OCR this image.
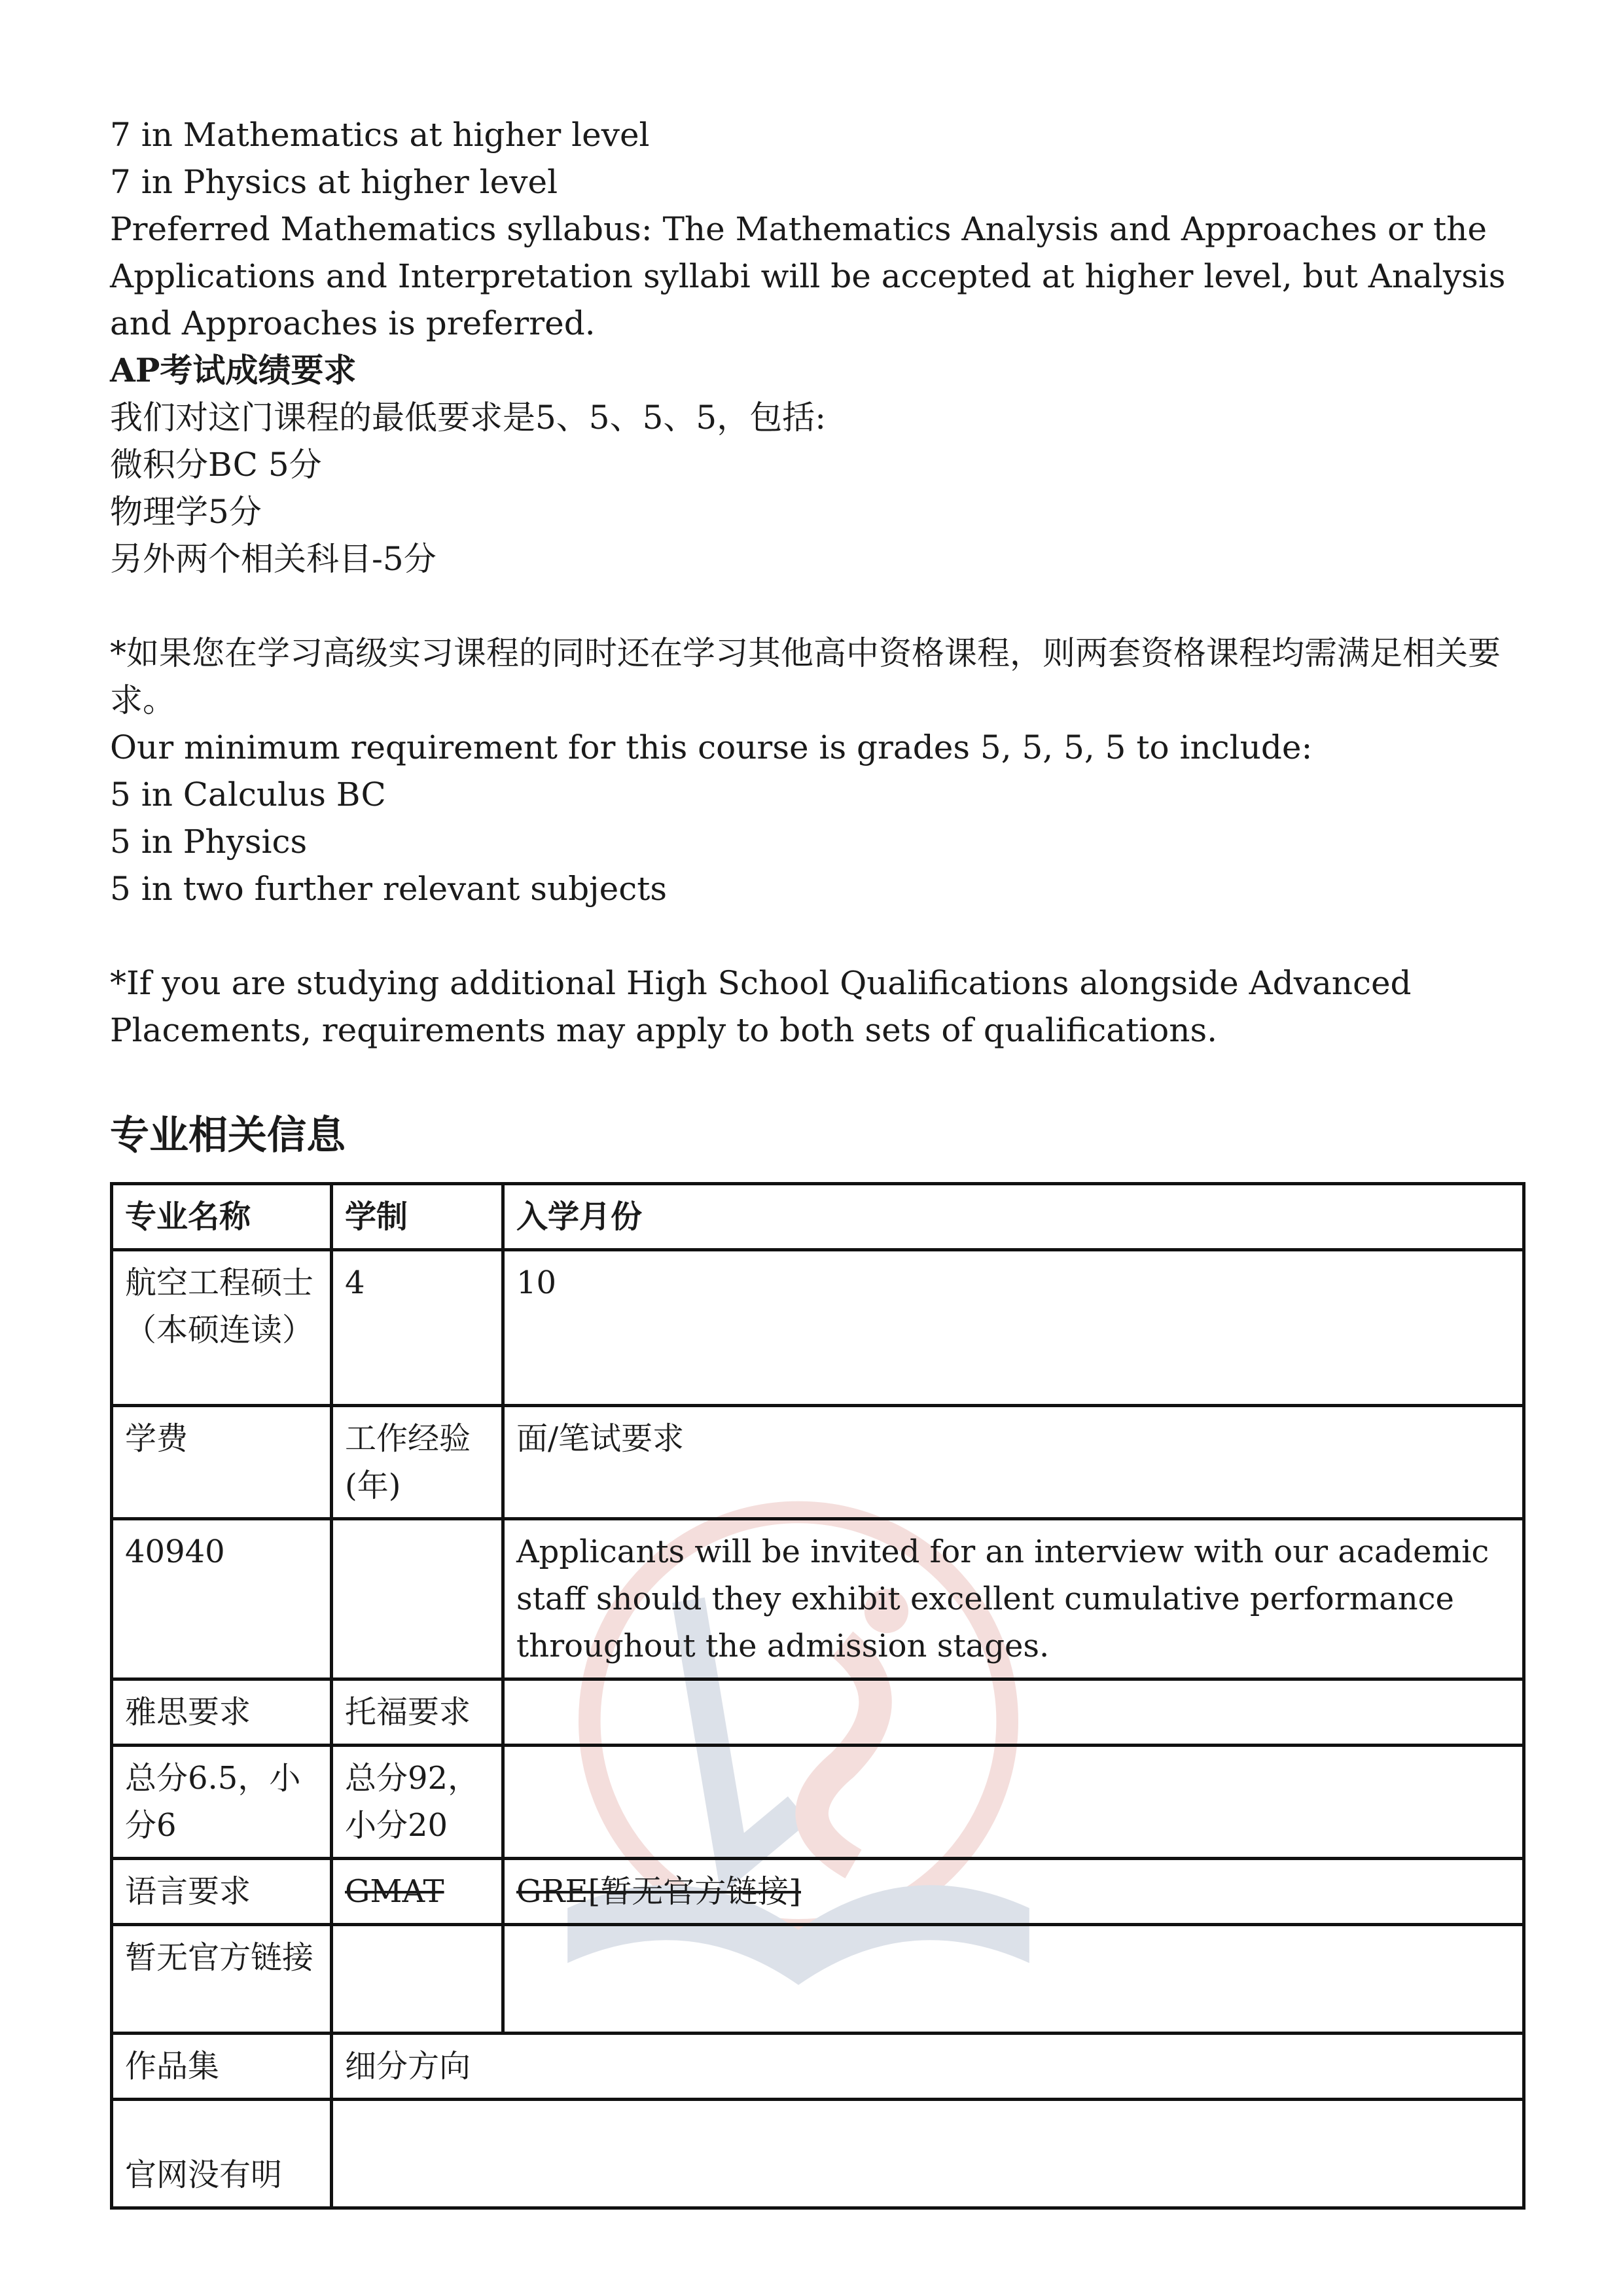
7 in Mathematics at higher level

7 in Physics at higher level

Preferred Mathematics syllabus: The Mathematics Analysis and Approaches or the Applications and Interpretation syllabi will be accepted at higher level, but Analysis and Approaches is preferred.

AP考试成绩要求

我们对这门课程的最低要求是5、5、5、5，包括:

微积分BC 5分

物理学5分

另外两个相关科目-5分

*如果您在学习高级实习课程的同时还在学习其他高中资格课程，则两套资格课程均需满足相关要求。

Our minimum requirement for this course is grades 5, 5, 5, 5 to include:

5 in Calculus BC

5 in Physics

5 in two further relevant subjects

*If you are studying additional High School Qualifications alongside Advanced Placements, requirements may apply to both sets of qualifications.

专业相关信息
专业名称	学制	入学月份
航空工程硕士（本硕连读）	4	10
学费	工作经验(年)	面/笔试要求
40940		Applicants will be invited for an interview with our academic staff should they exhibit excellent cumulative performance throughout the admission stages.
雅思要求	托福要求	
总分6.5，小分6	总分92，小分20	
语言要求	GMAT	GRE[暂无官方链接]
暂无官方链接		
作品集	细分方向	
官网没有明		
